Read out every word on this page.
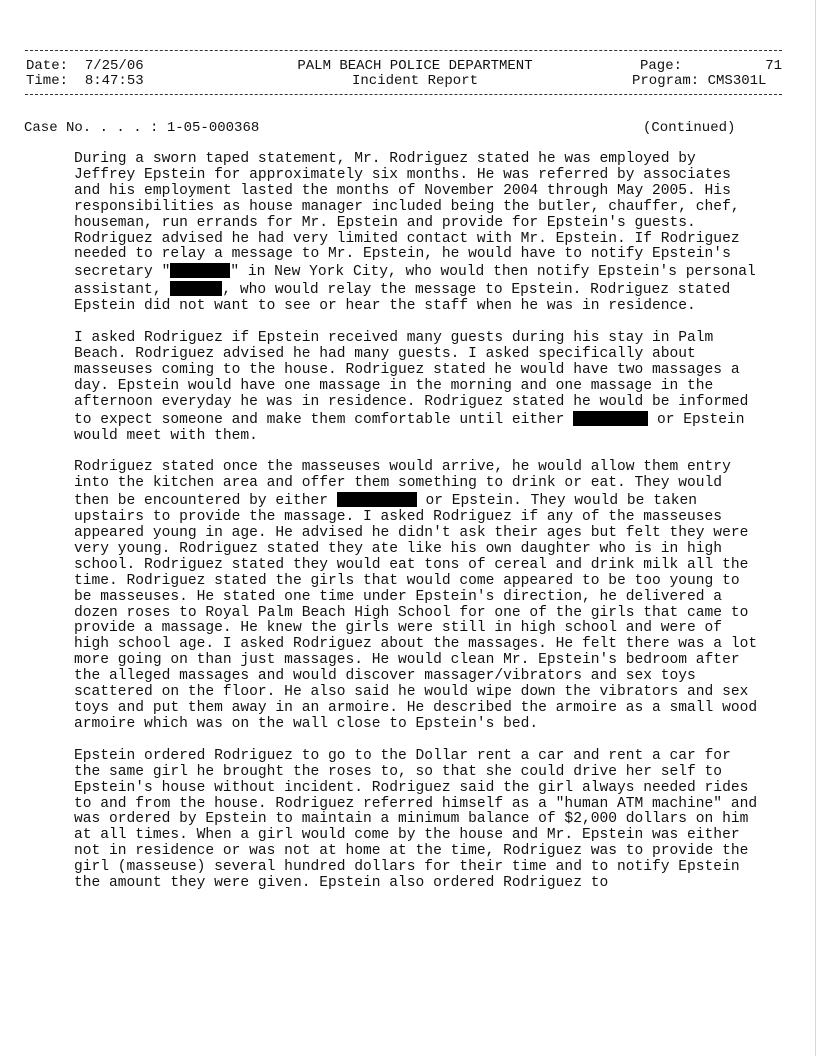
Date: 7/25/06
Time: 8:47:53
PALM BEACH POLICE DEPARTMENT
Incident Report
Page:	71
Program: CMS301L
Case No. . . . : 1-05-000368	(Continued)

During a sworn taped statement, Mr. Rodriguez stated he was employed by Jeffrey Epstein for approximately six months. He was referred by associates and his employment lasted the months of November 2004 through May 2005. His responsibilities as house manager included being the butler, chauffer, chef, houseman, run errands for Mr. Epstein and provide for Epstein's guests. Rodriguez advised he had very limited contact with Mr. Epstein. If Rodriguez needed to relay a message to Mr. Epstein, he would have to notify Epstein's secretary "	" in New York City, who would then notify Epstein's personal assistant,	, who would relay the message to Epstein. Rodriguez stated Epstein did not want to see or hear the staff when he was in residence.

I asked Rodriguez if Epstein received many guests during his stay in Palm Beach. Rodriguez advised he had many guests. I asked specifically about masseuses coming to the house. Rodriguez stated he would have two massages a day. Epstein would have one massage in the morning and one massage in the afternoon everyday he was in residence. Rodriguez stated he would be informed to expect someone and make them comfortable until either	or Epstein would meet with them.

Rodriguez stated once the masseuses would arrive, he would allow them entry into the kitchen area and offer them something to drink or eat. They would then be encountered by either	or Epstein. They would be taken upstairs to provide the massage. I asked Rodriguez if any of the masseuses appeared young in age. He advised he didn't ask their ages but felt they were very young. Rodriguez stated they ate like his own daughter who is in high school. Rodriguez stated they would eat tons of cereal and drink milk all the time. Rodriguez stated the girls that would come appeared to be too young to be masseuses. He stated one time under Epstein's direction, he delivered a dozen roses to Royal Palm Beach High School for one of the girls that came to provide a massage. He knew the girls were still in high school and were of high school age. I asked Rodriguez about the massages. He felt there was a lot more going on than just massages. He would clean Mr. Epstein's bedroom after the alleged massages and would discover massager/vibrators and sex toys scattered on the floor. He also said he would wipe down the vibrators and sex toys and put them away in an armoire. He described the armoire as a small wood armoire which was on the wall close to Epstein's bed.

Epstein ordered Rodriguez to go to the Dollar rent a car and rent a car for the same girl he brought the roses to, so that she could drive her self to Epstein's house without incident. Rodriguez said the girl always needed rides to and from the house. Rodriguez referred himself as a "human ATM machine" and was ordered by Epstein to maintain a minimum balance of $2,000 dollars on him at all times. When a girl would come by the house and Mr. Epstein was either not in residence or was not at home at the time, Rodriguez was to provide the girl (masseuse) several hundred dollars for their time and to notify Epstein the amount they were given. Epstein also ordered Rodriguez to
